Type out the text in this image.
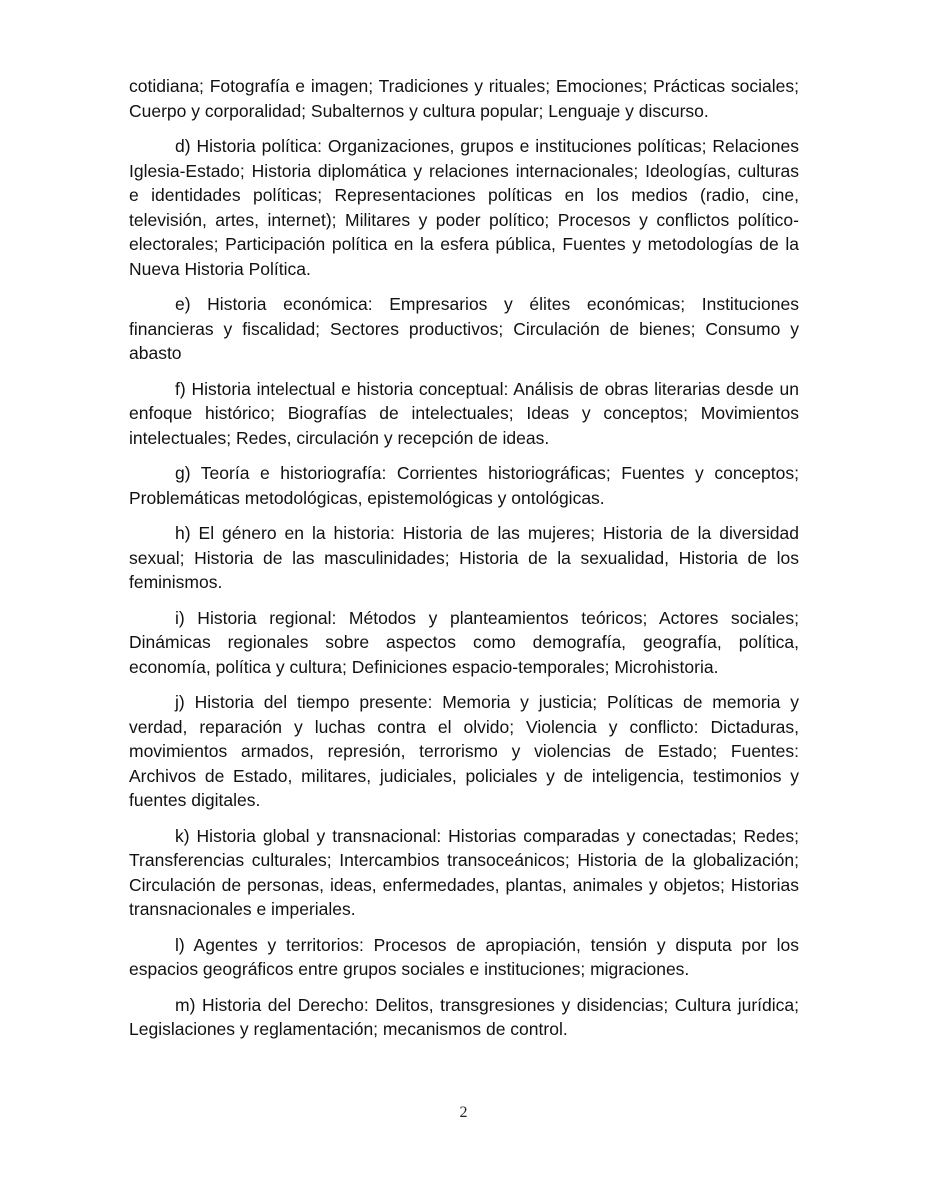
cotidiana; Fotografía e imagen; Tradiciones y rituales; Emociones; Prácticas sociales; Cuerpo y corporalidad; Subalternos y cultura popular; Lenguaje y discurso.

d) Historia política: Organizaciones, grupos e instituciones políticas; Relaciones Iglesia-Estado; Historia diplomática y relaciones internacionales; Ideologías, culturas e identidades políticas; Representaciones políticas en los medios (radio, cine, televisión, artes, internet); Militares y poder político; Procesos y conflictos político-electorales; Participación política en la esfera pública, Fuentes y metodologías de la Nueva Historia Política.

e) Historia económica: Empresarios y élites económicas; Instituciones financieras y fiscalidad; Sectores productivos; Circulación de bienes; Consumo y abasto

f) Historia intelectual e historia conceptual: Análisis de obras literarias desde un enfoque histórico; Biografías de intelectuales; Ideas y conceptos; Movimientos intelectuales; Redes, circulación y recepción de ideas.

g) Teoría e historiografía: Corrientes historiográficas; Fuentes y conceptos; Problemáticas metodológicas, epistemológicas y ontológicas.

h) El género en la historia: Historia de las mujeres; Historia de la diversidad sexual; Historia de las masculinidades; Historia de la sexualidad, Historia de los feminismos.

i) Historia regional: Métodos y planteamientos teóricos; Actores sociales; Dinámicas regionales sobre aspectos como demografía, geografía, política, economía, política y cultura; Definiciones espacio-temporales; Microhistoria.

j) Historia del tiempo presente: Memoria y justicia; Políticas de memoria y verdad, reparación y luchas contra el olvido; Violencia y conflicto: Dictaduras, movimientos armados, represión, terrorismo y violencias de Estado; Fuentes: Archivos de Estado, militares, judiciales, policiales y de inteligencia, testimonios y fuentes digitales.

k) Historia global y transnacional: Historias comparadas y conectadas; Redes; Transferencias culturales; Intercambios transoceánicos; Historia de la globalización; Circulación de personas, ideas, enfermedades, plantas, animales y objetos; Historias transnacionales e imperiales.

l) Agentes y territorios: Procesos de apropiación, tensión y disputa por los espacios geográficos entre grupos sociales e instituciones; migraciones.

m) Historia del Derecho: Delitos, transgresiones y disidencias; Cultura jurídica; Legislaciones y reglamentación; mecanismos de control.

2
